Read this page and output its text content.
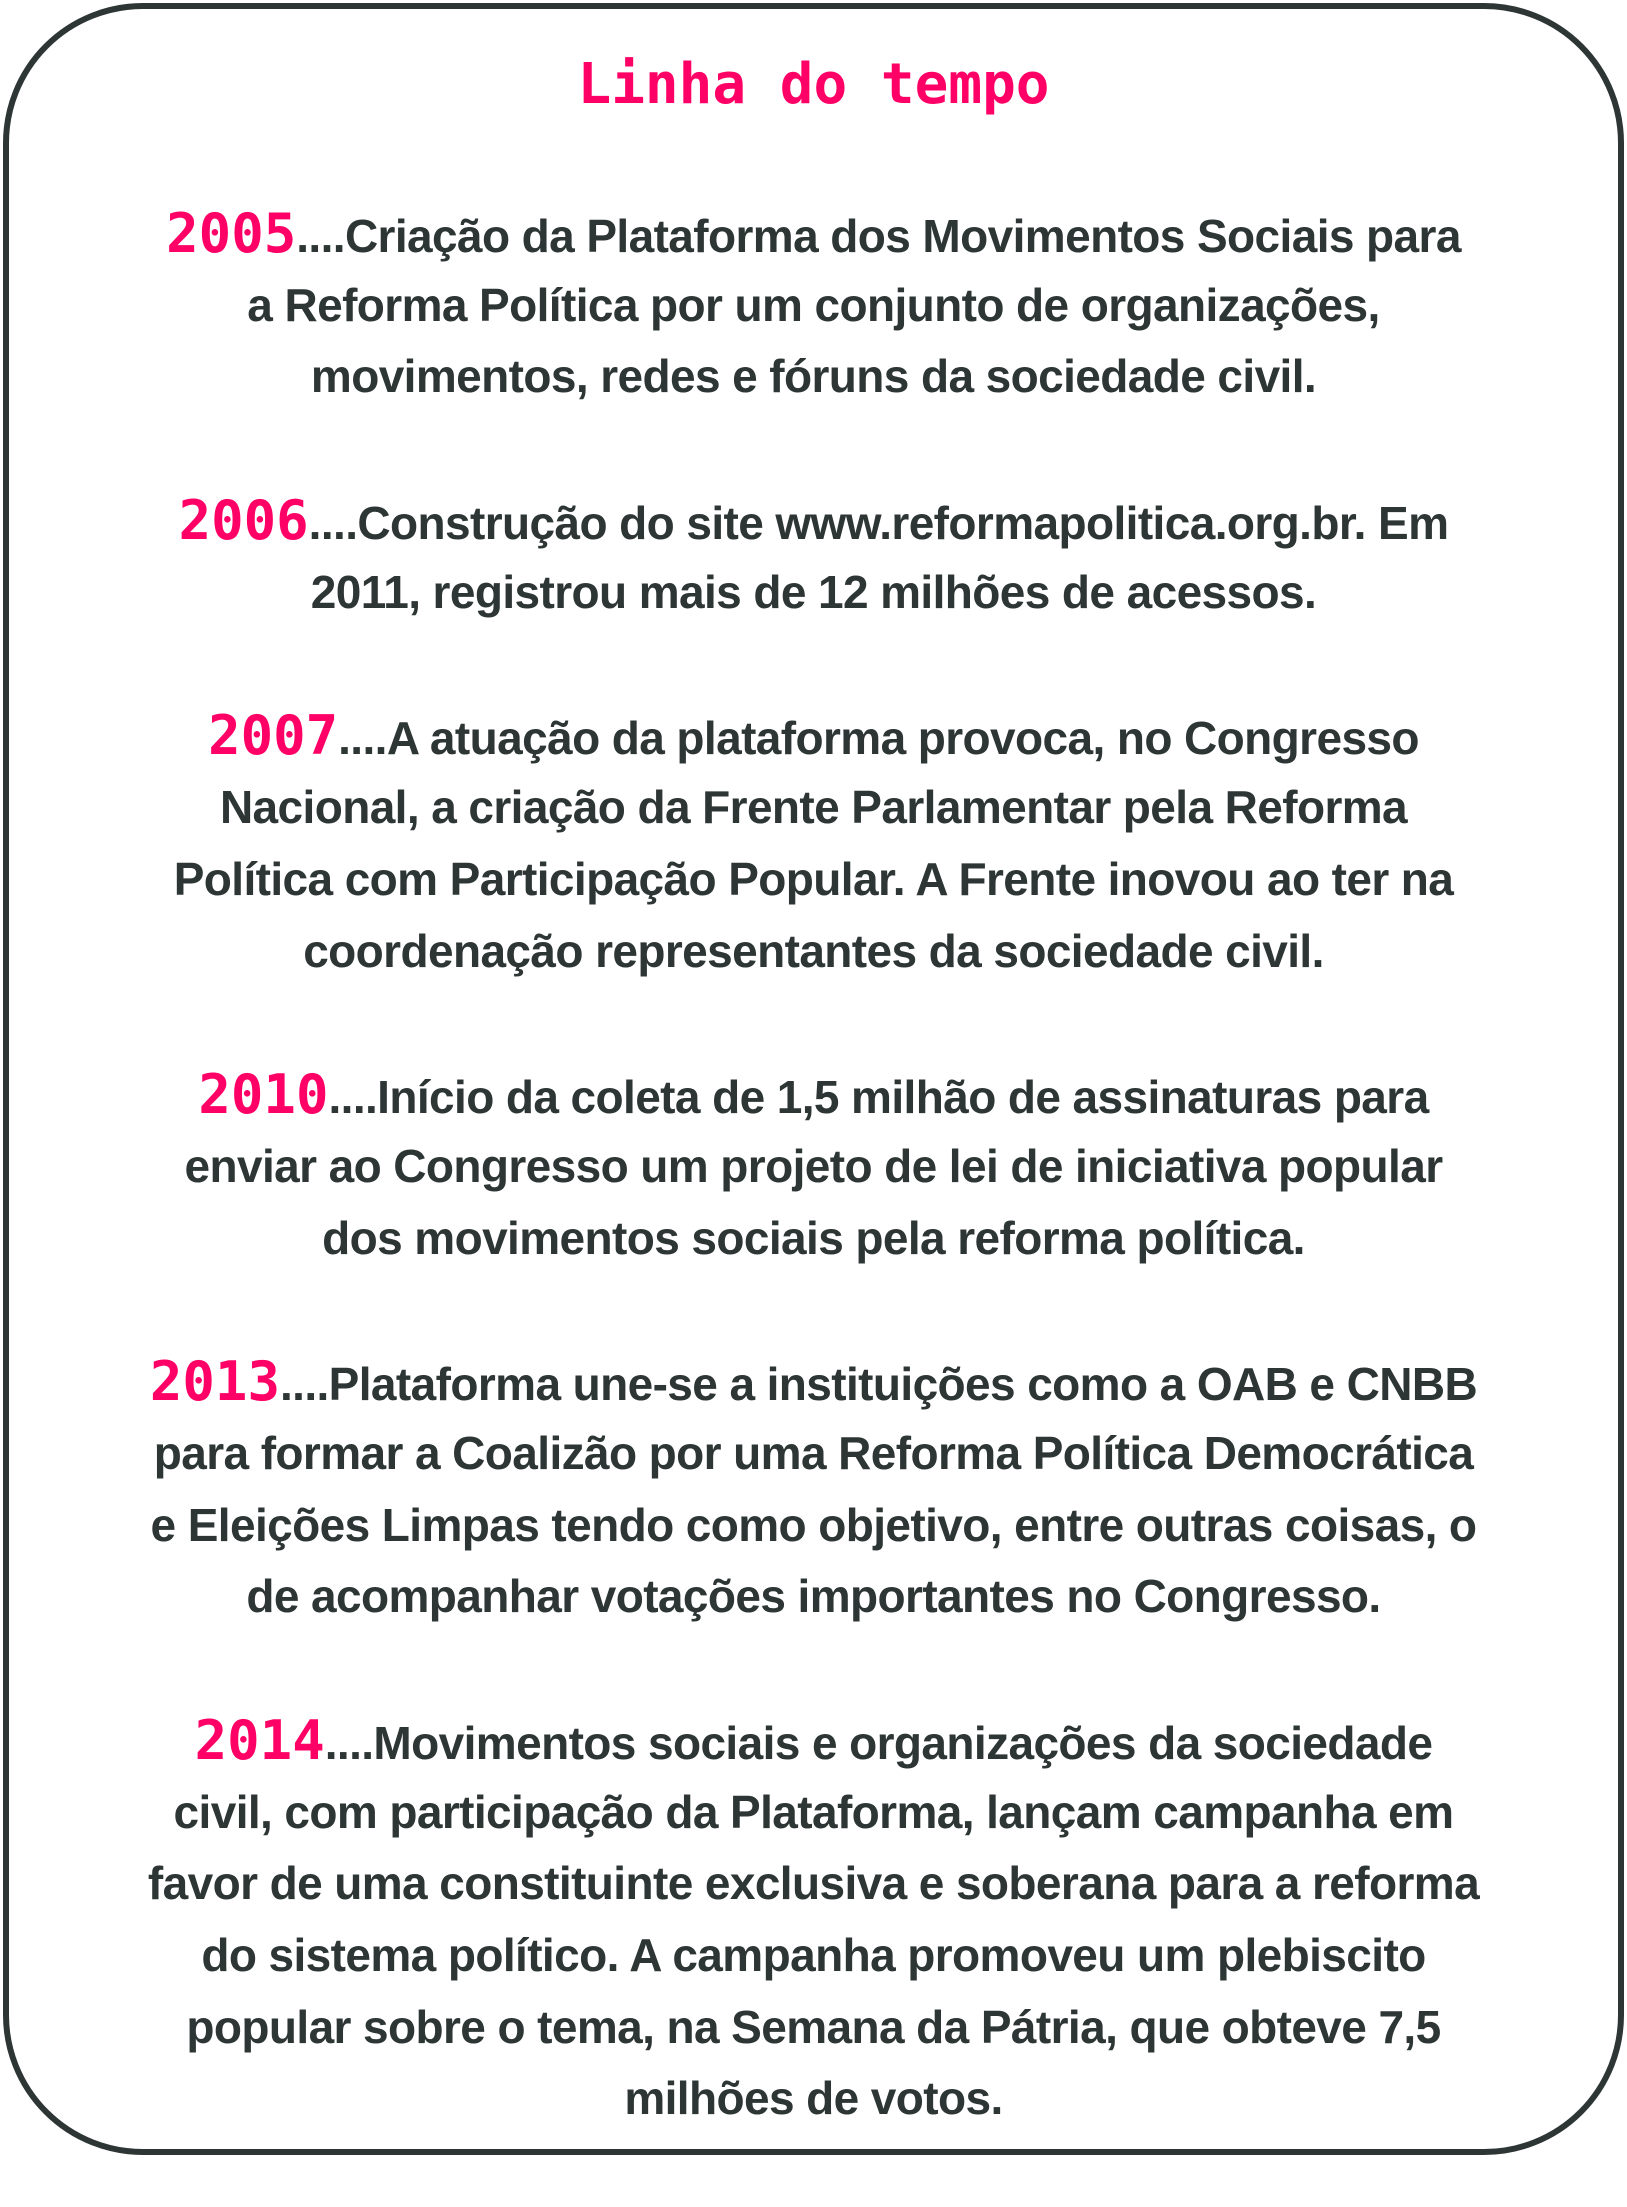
Linha do tempo
2005....Criação da Plataforma dos Movimentos Sociais para
a Reforma Política por um conjunto de organizações,
movimentos, redes e fóruns da sociedade civil.
2006....Construção do site www.reformapolitica.org.br. Em
2011, registrou mais de 12 milhões de acessos.
2007....A atuação da plataforma provoca, no Congresso
Nacional, a criação da Frente Parlamentar pela Reforma
Política com Participação Popular. A Frente inovou ao ter na
coordenação representantes da sociedade civil.
2010....Início da coleta de 1,5 milhão de assinaturas para
enviar ao Congresso um projeto de lei de iniciativa popular
dos movimentos sociais pela reforma política.
2013....Plataforma une-se a instituições como a OAB e CNBB
para formar a Coalizão por uma Reforma Política Democrática
e Eleições Limpas tendo como objetivo, entre outras coisas, o
de acompanhar votações importantes no Congresso.
2014....Movimentos sociais e organizações da sociedade
civil, com participação da Plataforma, lançam campanha em
favor de uma constituinte exclusiva e soberana para a reforma
do sistema político. A campanha promoveu um plebiscito
popular sobre o tema, na Semana da Pátria, que obteve 7,5
milhões de votos.
